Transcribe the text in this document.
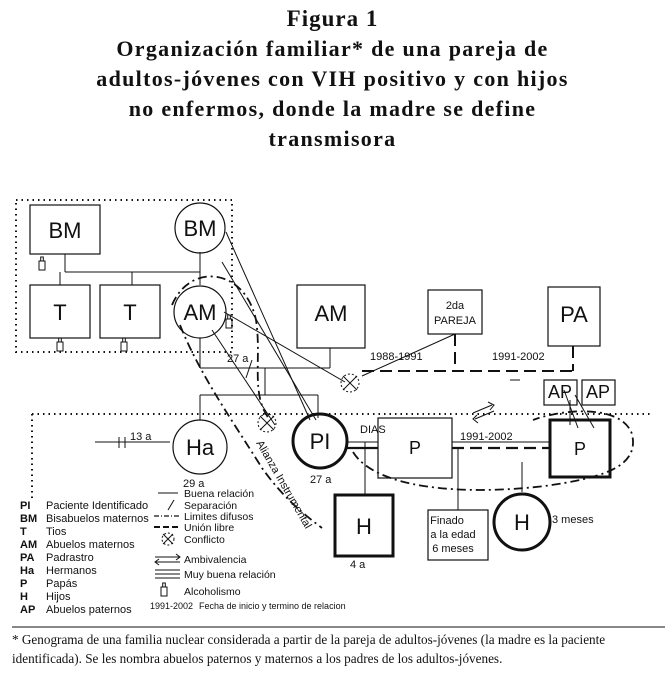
Figura 1
Organización familiar* de una pareja de
adultos-jóvenes con VIH positivo y con hijos
no enfermos, donde la madre se define
transmisora
BM	BM
T	T AM	AM	PA
Ha	PI
H	H
P	P
AP AP
2da
PAREJA
Finado
a la edad
6 meses
27 a	1988-1991	1991-2002
13 a
29 a	27 a
DIAS
1991-2002
3 meses
4 a
Alianza Instrumental
PI Paciente Identificado
BM Bisabuelos maternos
T Tios
AM Abuelos maternos
PA Padrastro
Ha Hermanos
P Papás
H Hijos
AP Abuelos paternos
Buena relación
Separación
Limites difusos
Unión libre
Conflicto
Ambivalencia
Muy buena relación
Alcoholismo
1991-2002 Fecha de inicio y termino de relacion
* Genograma de una familia nuclear considerada a partir de la pareja de adultos-jóvenes (la madre es la paciente identificada). Se les nombra abuelos paternos y maternos a los padres de los adultos-jóvenes.
